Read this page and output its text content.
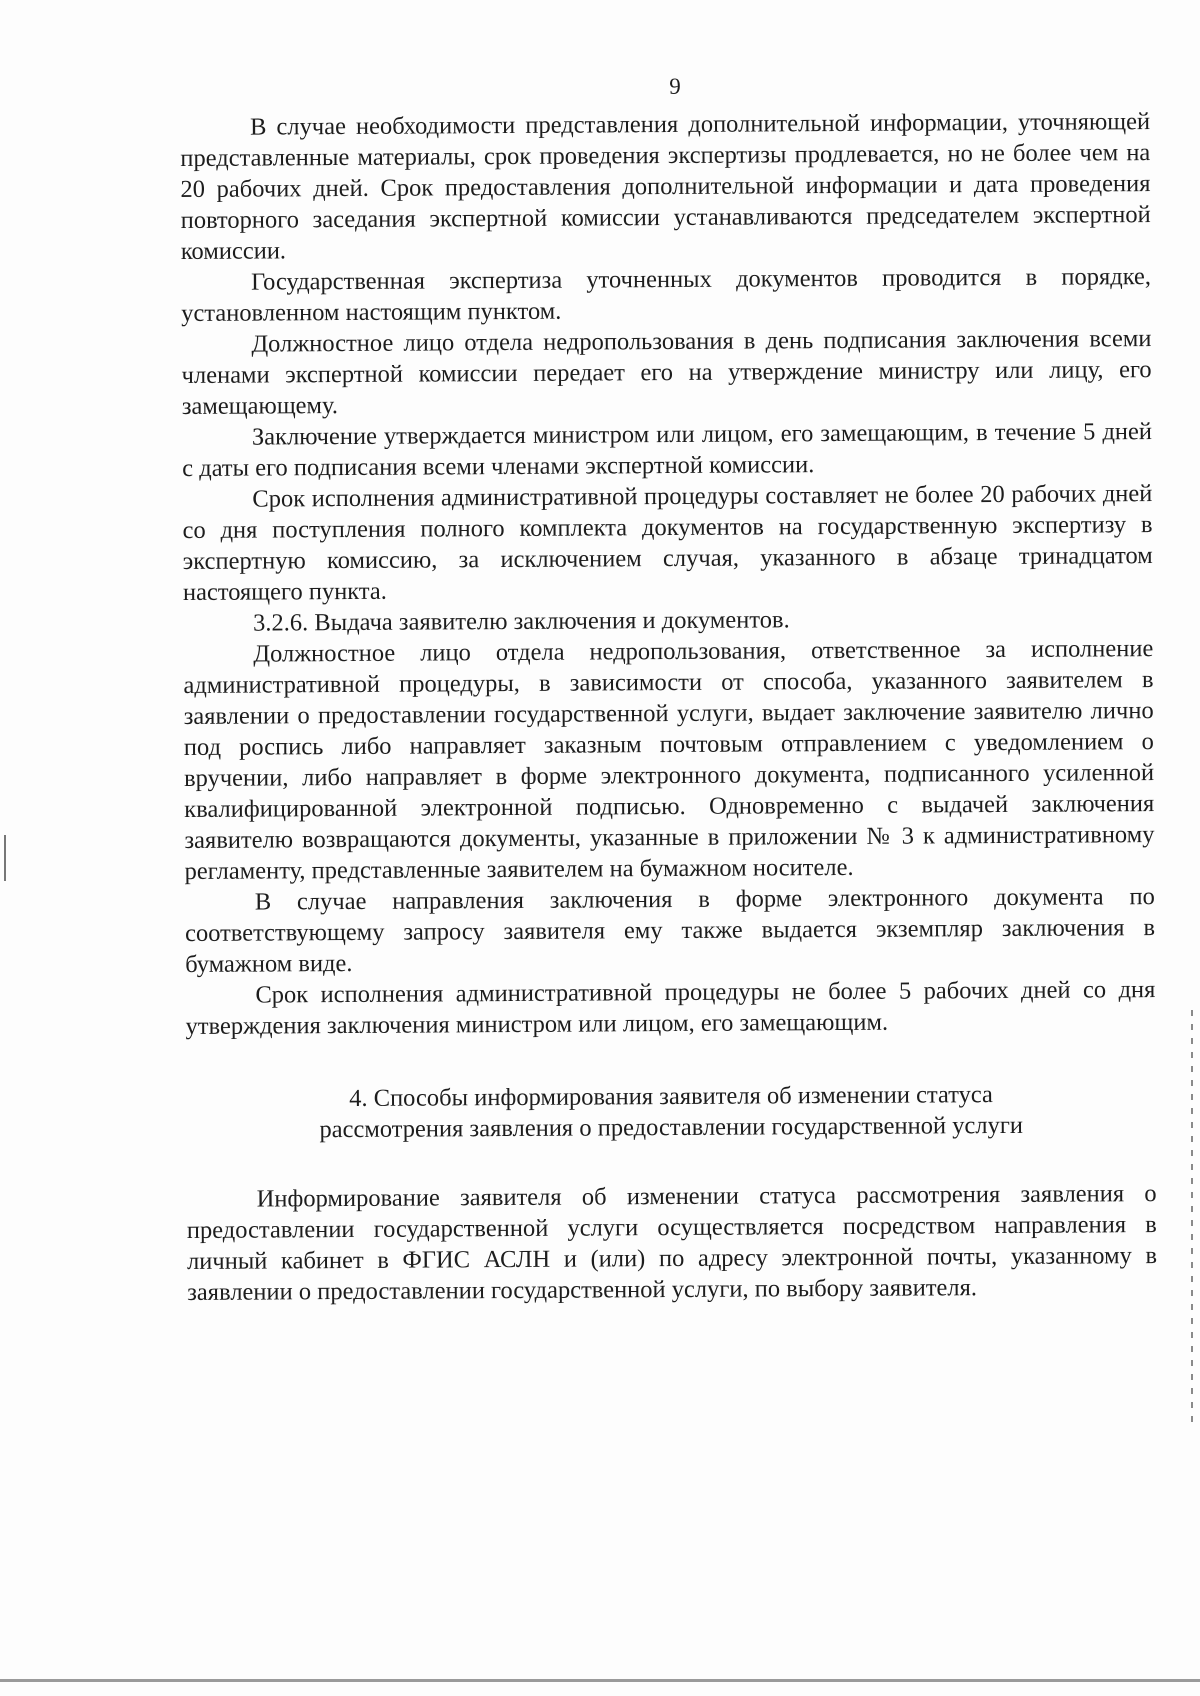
9

В случае необходимости представления дополнительной информации, уточняющей представленные материалы, срок проведения экспертизы продлевается, но не более чем на 20 рабочих дней. Срок предоставления дополнительной информации и дата проведения повторного заседания экспертной комиссии устанавливаются председателем экспертной комиссии.

Государственная экспертиза уточненных документов проводится в порядке, установленном настоящим пунктом.

Должностное лицо отдела недропользования в день подписания заключения всеми членами экспертной комиссии передает его на утверждение министру или лицу, его замещающему.

Заключение утверждается министром или лицом, его замещающим, в течение 5 дней с даты его подписания всеми членами экспертной комиссии.

Срок исполнения административной процедуры составляет не более 20 рабочих дней со дня поступления полного комплекта документов на государственную экспертизу в экспертную комиссию, за исключением случая, указанного в абзаце тринадцатом настоящего пункта.

3.2.6. Выдача заявителю заключения и документов.

Должностное лицо отдела недропользования, ответственное за исполнение административной процедуры, в зависимости от способа, указанного заявителем в заявлении о предоставлении государственной услуги, выдает заключение заявителю лично под роспись либо направляет заказным почтовым отправлением с уведомлением о вручении, либо направляет в форме электронного документа, подписанного усиленной квалифицированной электронной подписью. Одновременно с выдачей заключения заявителю возвращаются документы, указанные в приложении № 3 к административному регламенту, представленные заявителем на бумажном носителе.

В случае направления заключения в форме электронного документа по соответствующему запросу заявителя ему также выдается экземпляр заключения в бумажном виде.

Срок исполнения административной процедуры не более 5 рабочих дней со дня утверждения заключения министром или лицом, его замещающим.

4. Способы информирования заявителя об изменении статуса
рассмотрения заявления о предоставлении государственной услуги

Информирование заявителя об изменении статуса рассмотрения заявления о предоставлении государственной услуги осуществляется посредством направления в личный кабинет в ФГИС АСЛН и (или) по адресу электронной почты, указанному в заявлении о предоставлении государственной услуги, по выбору заявителя.
